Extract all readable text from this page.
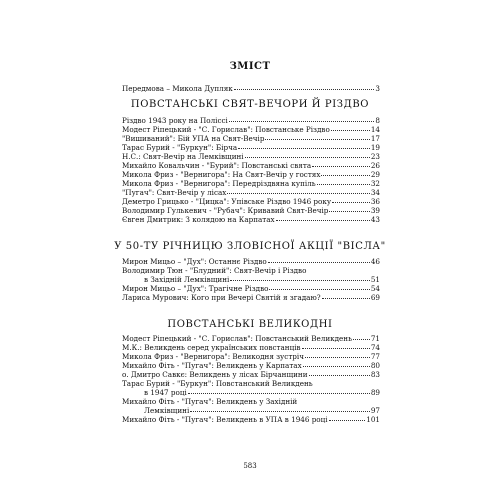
ЗМІСТ
Передмова – Микола Дупляк	3
ПОВСТАНСЬКІ СВЯТ-ВЕЧОРИ Й РІЗДВО
Різдво 1943 року на Поліссі	8
Модест Ріпецький - "С. Горислав": Повстанське Різдво	14
"Вишиваний": Бій УПА на Свят-Вечір	17
Тарас Бурий - "Буркун": Бірча	19
Н.С.: Свят-Вечір на Лемківщині	23
Михайло Ковальчин - "Бурий": Повстанські свята	26
Микола Фриз - "Вернигора": На Свят-Вечір у гостях	29
Микола Фриз - "Вернигора": Передріздвяна купіль	32
"Пугач": Свят-Вечір у лісах	34
Деметро Грицько - "Цицка": Упівське Різдво 1946 року	36
Володимир Гулькевич - "Рубач": Кривавий Свят-Вечір	39
Євген Дмитрик: З колядою на Карпатах	43
У 50-ТУ РІЧНИЦЮ ЗЛОВІСНОЇ АКЦІЇ "ВІСЛА"
Мирон Мицьо – "Дух": Останнє Різдво	46
Володимир Тюн - "Блудний": Свят-Вечір і Різдво
в Західній Лемківщині	51
Мирон Мицьо – "Дух": Трагічне Різдво	54
Лариса Мурович: Кого при Вечері Святій я згадаю?	69
ПОВСТАНСЬКІ ВЕЛИКОДНІ
Модест Ріпецький - "С. Горислав": Повстанський Великдень	71
М.К.: Великдень серед українських повстанців	74
Микола Фриз - "Вернигора": Великодня зустріч	77
Михайло Фіть - "Пугач": Великдень у Карпатах	80
о. Дмитро Савкє: Великдень у лісах Бірчанщини	83
Тарас Бурий - "Буркун": Повстанський Великдень
в 1947 році	89
Михайло Фіть - "Пугач": Великдень у Західній
Лемківщині	97
Михайло Фіть - "Пугач": Великдень в УПА в 1946 році	101
583
